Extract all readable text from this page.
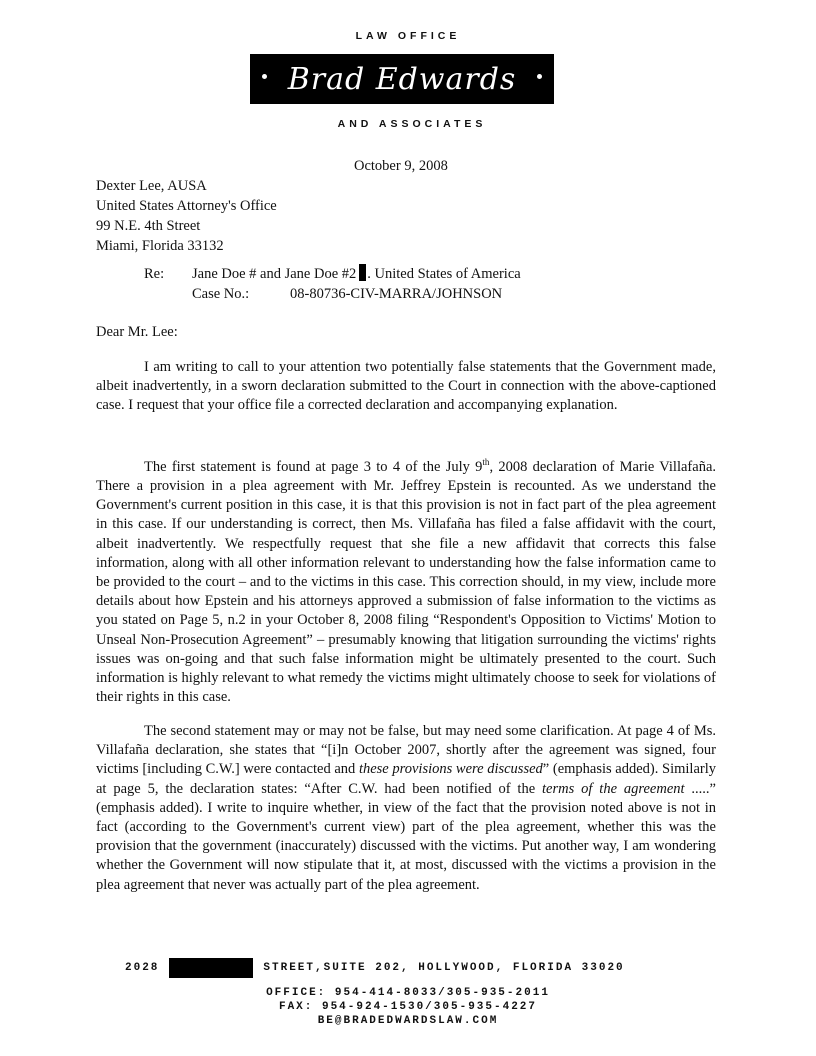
LAW OFFICE
Brad Edwards
AND ASSOCIATES
October 9, 2008
Dexter Lee, AUSA
United States Attorney's Office
99 N.E. 4th Street
Miami, Florida 33132
Re:	Jane Doe # and Jane Doe #2 . United States of America
Case No.:	08-80736-CIV-MARRA/JOHNSON
Dear Mr. Lee:

I am writing to call to your attention two potentially false statements that the Government made, albeit inadvertently, in a sworn declaration submitted to the Court in connection with the above-captioned case. I request that your office file a corrected declaration and accompanying explanation.

The first statement is found at page 3 to 4 of the July 9th, 2008 declaration of Marie Villafaña. There a provision in a plea agreement with Mr. Jeffrey Epstein is recounted. As we understand the Government's current position in this case, it is that this provision is not in fact part of the plea agreement in this case. If our understanding is correct, then Ms. Villafaña has filed a false affidavit with the court, albeit inadvertently. We respectfully request that she file a new affidavit that corrects this false information, along with all other information relevant to understanding how the false information came to be provided to the court – and to the victims in this case. This correction should, in my view, include more details about how Epstein and his attorneys approved a submission of false information to the victims as you stated on Page 5, n.2 in your October 8, 2008 filing “Respondent's Opposition to Victims' Motion to Unseal Non-Prosecution Agreement” – presumably knowing that litigation surrounding the victims' rights issues was on-going and that such false information might be ultimately presented to the court. Such information is highly relevant to what remedy the victims might ultimately choose to seek for violations of their rights in this case.

The second statement may or may not be false, but may need some clarification. At page 4 of Ms. Villafaña declaration, she states that “[i]n October 2007, shortly after the agreement was signed, four victims [including C.W.] were contacted and these provisions were discussed” (emphasis added). Similarly at page 5, the declaration states: “After C.W. had been notified of the terms of the agreement .....” (emphasis added). I write to inquire whether, in view of the fact that the provision noted above is not in fact (according to the Government's current view) part of the plea agreement, whether this was the provision that the government (inaccurately) discussed with the victims. Put another way, I am wondering whether the Government will now stipulate that it, at most, discussed with the victims a provision in the plea agreement that never was actually part of the plea agreement.

2028	STREET,SUITE 202, HOLLYWOOD, FLORIDA 33020
OFFICE: 954-414-8033/305-935-2011
FAX: 954-924-1530/305-935-4227
BE@BRADEDWARDSLAW.COM
